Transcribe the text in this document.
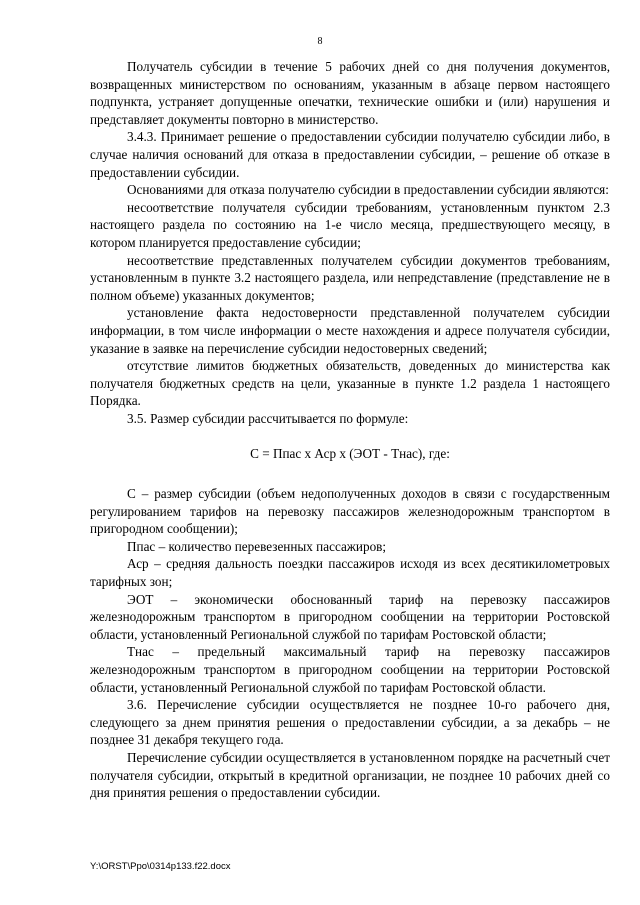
8

Получатель субсидии в течение 5 рабочих дней со дня получения документов, возвращенных министерством по основаниям, указанным в абзаце первом настоящего подпункта, устраняет допущенные опечатки, технические ошибки и (или) нарушения и представляет документы повторно в министерство.

3.4.3. Принимает решение о предоставлении субсидии получателю субсидии либо, в случае наличия оснований для отказа в предоставлении субсидии, – решение об отказе в предоставлении субсидии.

Основаниями для отказа получателю субсидии в предоставлении субсидии являются:

несоответствие получателя субсидии требованиям, установленным пунктом 2.3 настоящего раздела по состоянию на 1-е число месяца, предшествующего месяцу, в котором планируется предоставление субсидии;

несоответствие представленных получателем субсидии документов требованиям, установленным в пункте 3.2 настоящего раздела, или непредставление (представление не в полном объеме) указанных документов;

установление факта недостоверности представленной получателем субсидии информации, в том числе информации о месте нахождения и адресе получателя субсидии, указание в заявке на перечисление субсидии недостоверных сведений;

отсутствие лимитов бюджетных обязательств, доведенных до министерства как получателя бюджетных средств на цели, указанные в пункте 1.2 раздела 1 настоящего Порядка.

3.5. Размер субсидии рассчитывается по формуле:

С = Ппас х Аср х (ЭОТ - Тнас), где:

С – размер субсидии (объем недополученных доходов в связи с государственным регулированием тарифов на перевозку пассажиров железнодорожным транспортом в пригородном сообщении);

Ппас – количество перевезенных пассажиров;

Аср – средняя дальность поездки пассажиров исходя из всех десятикилометровых тарифных зон;

ЭОТ – экономически обоснованный тариф на перевозку пассажиров железнодорожным транспортом в пригородном сообщении на территории Ростовской области, установленный Региональной службой по тарифам Ростовской области;

Тнас – предельный максимальный тариф на перевозку пассажиров железнодорожным транспортом в пригородном сообщении на территории Ростовской области, установленный Региональной службой по тарифам Ростовской области.

3.6. Перечисление субсидии осуществляется не позднее 10-го рабочего дня, следующего за днем принятия решения о предоставлении субсидии, а за декабрь – не позднее 31 декабря текущего года.

Перечисление субсидии осуществляется в установленном порядке на расчетный счет получателя субсидии, открытый в кредитной организации, не позднее 10 рабочих дней со дня принятия решения о предоставлении субсидии.

Y:\ORST\Ppo\0314p133.f22.docx
